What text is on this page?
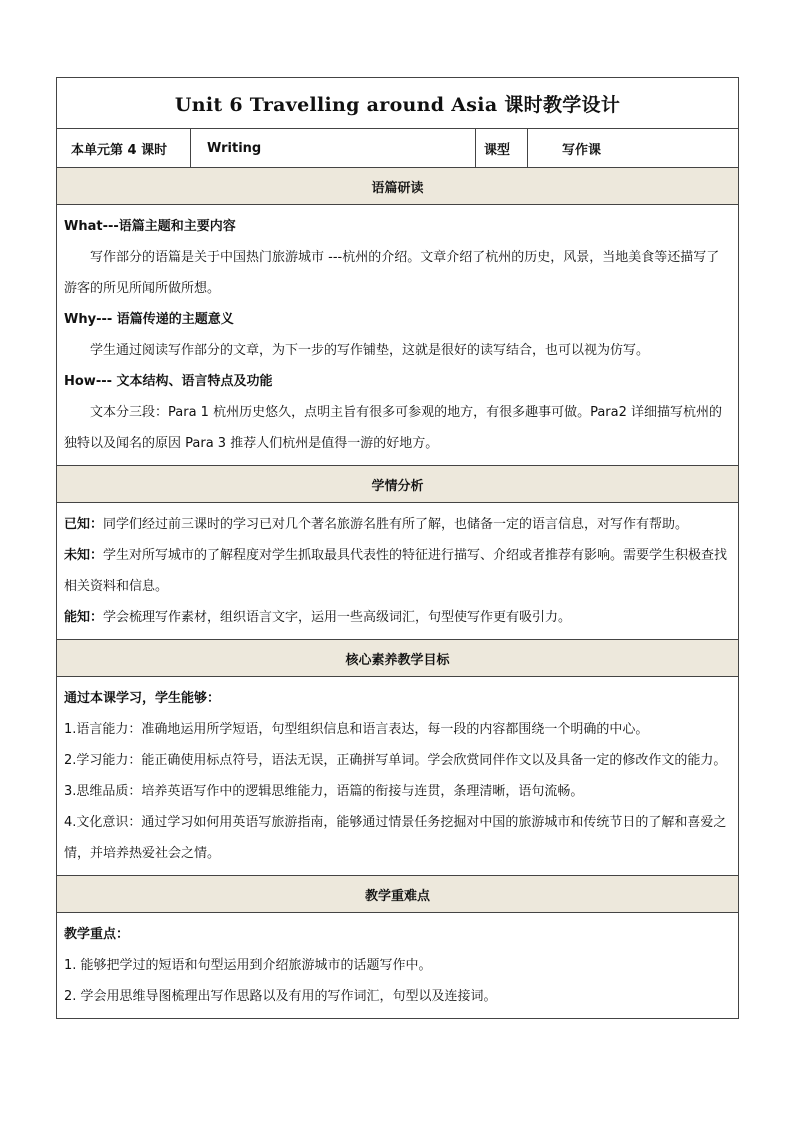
Unit 6 Travelling around Asia 课时教学设计
本单元第 4 课时	Writing	课型	写作课
语篇研读

What---语篇主题和主要内容

写作部分的语篇是关于中国热门旅游城市 ---杭州的介绍。文章介绍了杭州的历史，风景，当地美食等还描写了游客的所见所闻所做所想。

Why--- 语篇传递的主题意义

学生通过阅读写作部分的文章，为下一步的写作铺垫，这就是很好的读写结合，也可以视为仿写。

How--- 文本结构、语言特点及功能

文本分三段：Para 1 杭州历史悠久，点明主旨有很多可参观的地方，有很多趣事可做。Para2 详细描写杭州的独特以及闻名的原因 Para 3 推荐人们杭州是值得一游的好地方。

学情分析

已知：同学们经过前三课时的学习已对几个著名旅游名胜有所了解，也储备一定的语言信息，对写作有帮助。

未知：学生对所写城市的了解程度对学生抓取最具代表性的特征进行描写、介绍或者推荐有影响。需要学生积极查找相关资料和信息。

能知：学会梳理写作素材，组织语言文字，运用一些高级词汇，句型使写作更有吸引力。

核心素养教学目标

通过本课学习，学生能够：

1.语言能力：准确地运用所学短语，句型组织信息和语言表达，每一段的内容都围绕一个明确的中心。

2.学习能力：能正确使用标点符号，语法无误，正确拼写单词。学会欣赏同伴作文以及具备一定的修改作文的能力。

3.思维品质：培养英语写作中的逻辑思维能力，语篇的衔接与连贯，条理清晰，语句流畅。

4.文化意识：通过学习如何用英语写旅游指南，能够通过情景任务挖掘对中国的旅游城市和传统节日的了解和喜爱之情，并培养热爱社会之情。

教学重难点

教学重点：

1. 能够把学过的短语和句型运用到介绍旅游城市的话题写作中。

2. 学会用思维导图梳理出写作思路以及有用的写作词汇，句型以及连接词。
